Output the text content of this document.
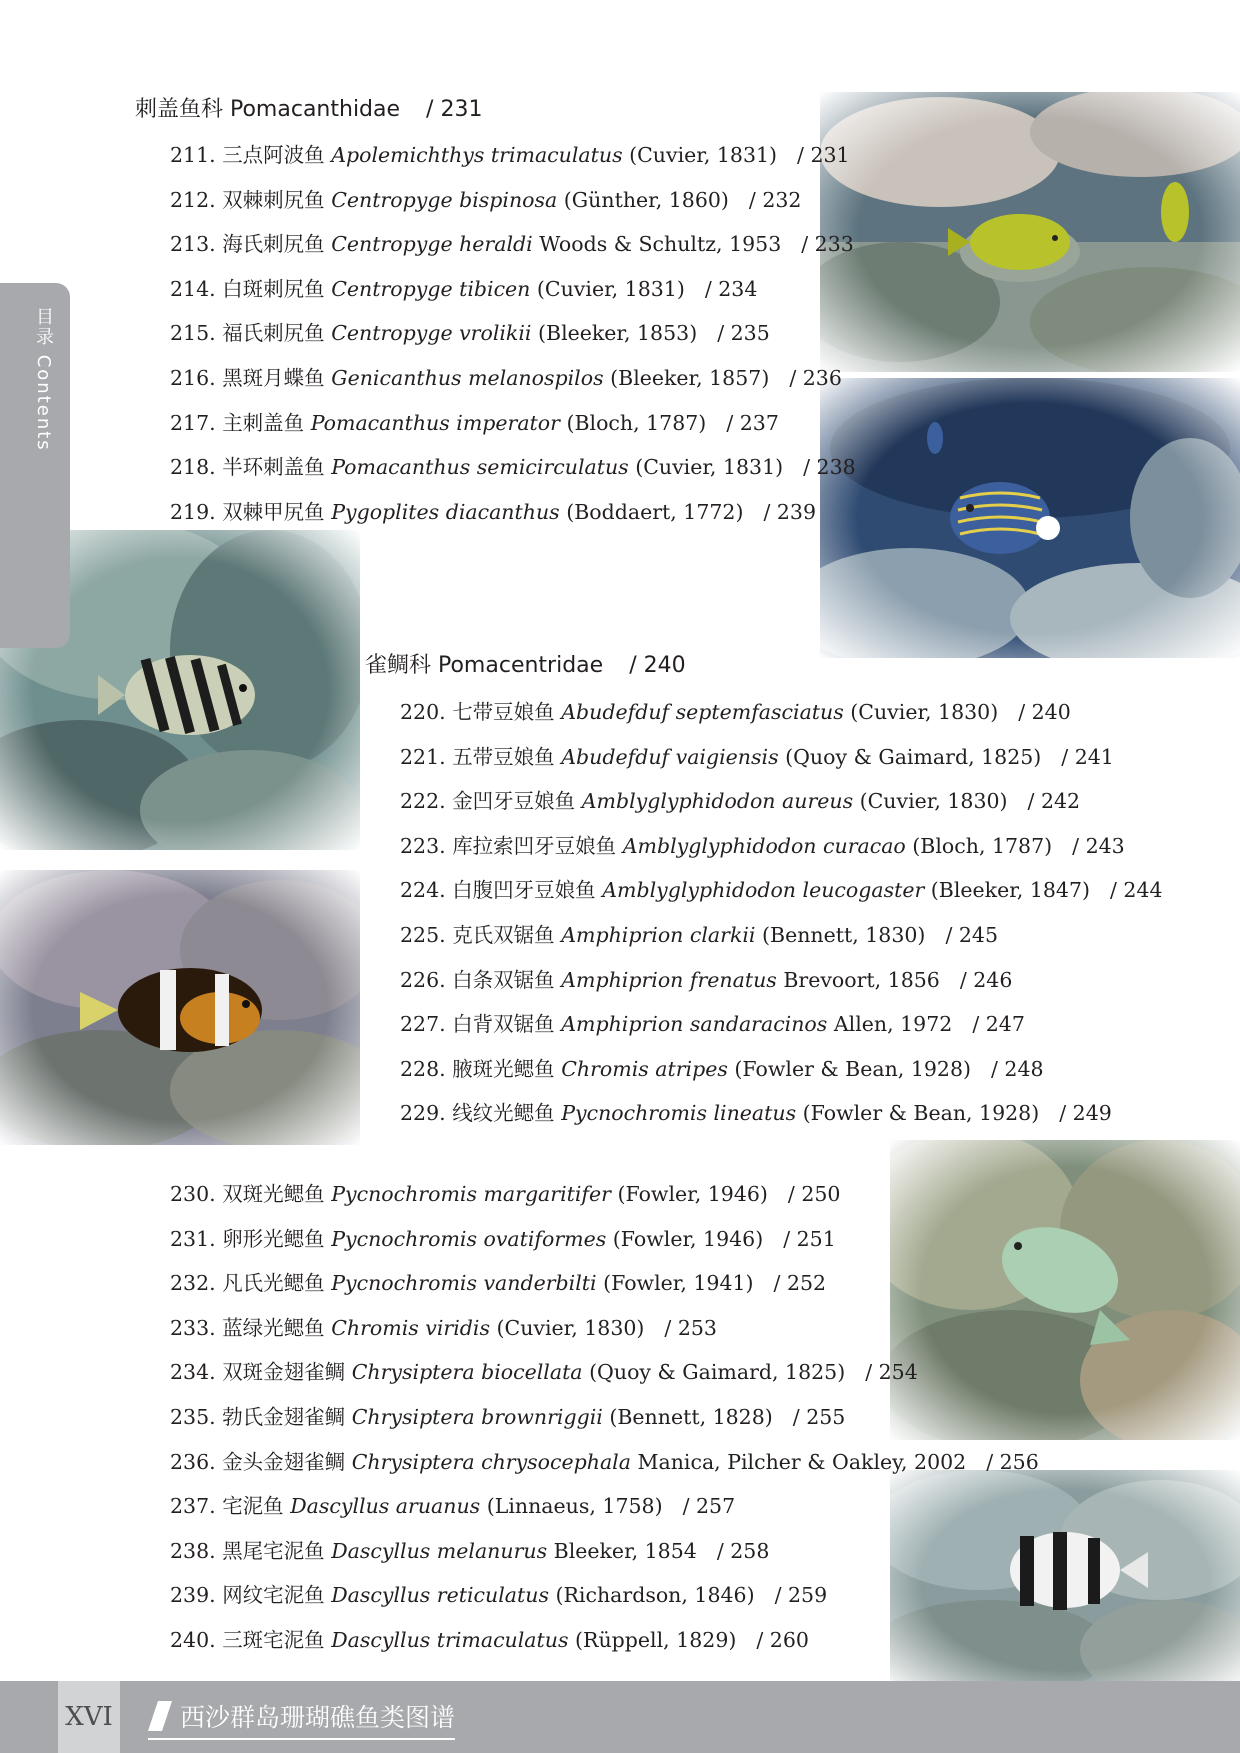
刺盖鱼科 Pomacanthidae / 231
211. 三点阿波鱼 Apolemichthys trimaculatus (Cuvier, 1831) / 231
212. 双棘刺尻鱼 Centropyge bispinosa (Günther, 1860) / 232
213. 海氏刺尻鱼 Centropyge heraldi Woods & Schultz, 1953 / 233
214. 白斑刺尻鱼 Centropyge tibicen (Cuvier, 1831) / 234
215. 福氏刺尻鱼 Centropyge vrolikii (Bleeker, 1853) / 235
216. 黑斑月蝶鱼 Genicanthus melanospilos (Bleeker, 1857) / 236
217. 主刺盖鱼 Pomacanthus imperator (Bloch, 1787) / 237
218. 半环刺盖鱼 Pomacanthus semicirculatus (Cuvier, 1831) / 238
219. 双棘甲尻鱼 Pygoplites diacanthus (Boddaert, 1772) / 239
雀鲷科 Pomacentridae / 240
220. 七带豆娘鱼 Abudefduf septemfasciatus (Cuvier, 1830) / 240
221. 五带豆娘鱼 Abudefduf vaigiensis (Quoy & Gaimard, 1825) / 241
222. 金凹牙豆娘鱼 Amblyglyphidodon aureus (Cuvier, 1830) / 242
223. 库拉索凹牙豆娘鱼 Amblyglyphidodon curacao (Bloch, 1787) / 243
224. 白腹凹牙豆娘鱼 Amblyglyphidodon leucogaster (Bleeker, 1847) / 244
225. 克氏双锯鱼 Amphiprion clarkii (Bennett, 1830) / 245
226. 白条双锯鱼 Amphiprion frenatus Brevoort, 1856 / 246
227. 白背双锯鱼 Amphiprion sandaracinos Allen, 1972 / 247
228. 腋斑光鳃鱼 Chromis atripes (Fowler & Bean, 1928) / 248
229. 线纹光鳃鱼 Pycnochromis lineatus (Fowler & Bean, 1928) / 249
230. 双斑光鳃鱼 Pycnochromis margaritifer (Fowler, 1946) / 250
231. 卵形光鳃鱼 Pycnochromis ovatiformes (Fowler, 1946) / 251
232. 凡氏光鳃鱼 Pycnochromis vanderbilti (Fowler, 1941) / 252
233. 蓝绿光鳃鱼 Chromis viridis (Cuvier, 1830) / 253
234. 双斑金翅雀鲷 Chrysiptera biocellata (Quoy & Gaimard, 1825) / 254
235. 勃氏金翅雀鲷 Chrysiptera brownriggii (Bennett, 1828) / 255
236. 金头金翅雀鲷 Chrysiptera chrysocephala Manica, Pilcher & Oakley, 2002 / 256
237. 宅泥鱼 Dascyllus aruanus (Linnaeus, 1758) / 257
238. 黑尾宅泥鱼 Dascyllus melanurus Bleeker, 1854 / 258
239. 网纹宅泥鱼 Dascyllus reticulatus (Richardson, 1846) / 259
240. 三斑宅泥鱼 Dascyllus trimaculatus (Rüppell, 1829) / 260
目录 Contents
XVI	西沙群岛珊瑚礁鱼类图谱
